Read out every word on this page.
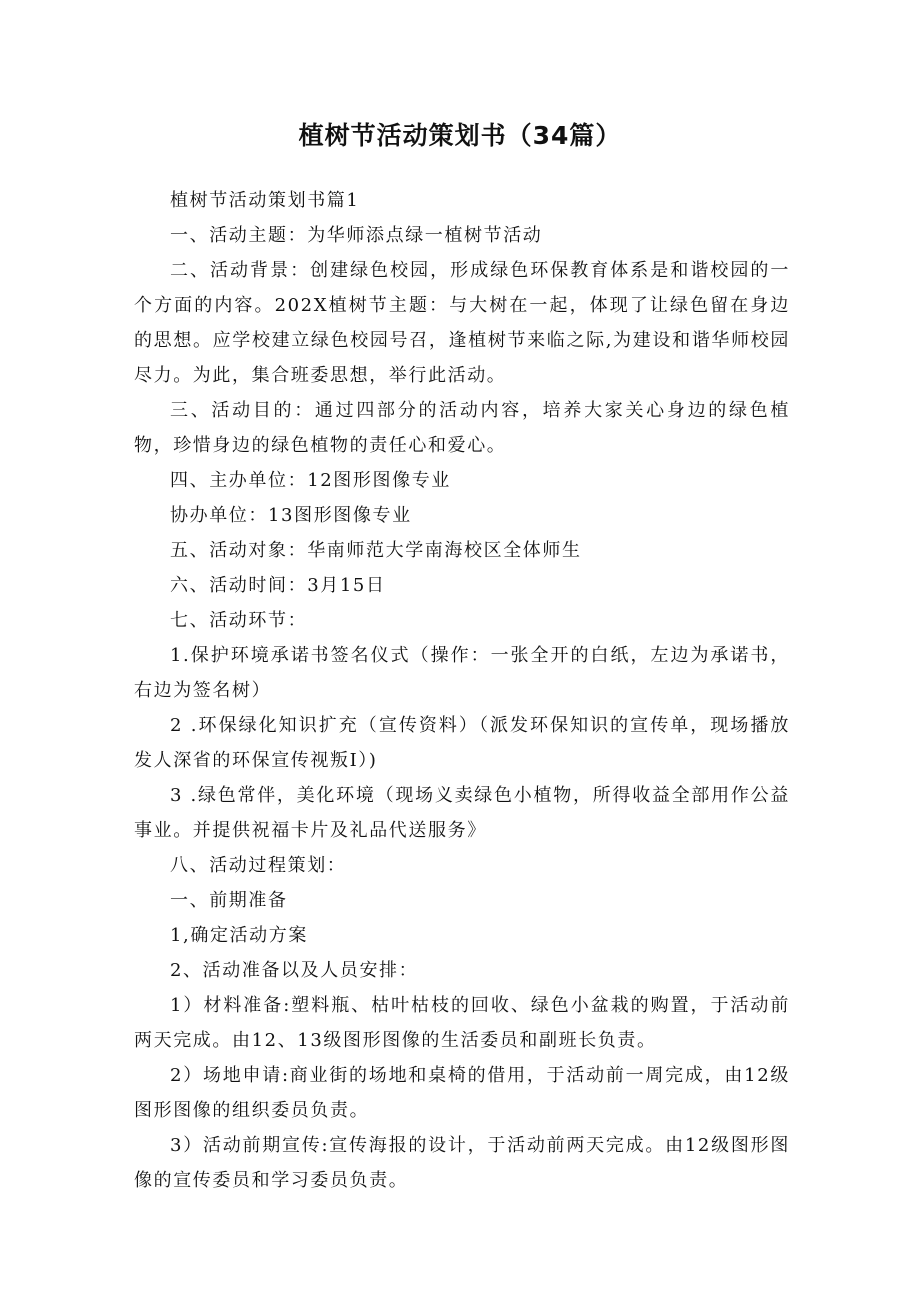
植树节活动策划书（34篇）

植树节活动策划书篇1

一、活动主题：为华师添点绿一植树节活动

二、活动背景：创建绿色校园，形成绿色环保教育体系是和谐校园的一个方面的内容。202X植树节主题：与大树在一起，体现了让绿色留在身边的思想。应学校建立绿色校园号召，逢植树节来临之际,为建设和谐华师校园尽力。为此，集合班委思想，举行此活动。

三、活动目的：通过四部分的活动内容，培养大家关心身边的绿色植物，珍惜身边的绿色植物的责任心和爱心。

四、主办单位：12图形图像专业

协办单位：13图形图像专业

五、活动对象：华南师范大学南海校区全体师生

六、活动时间：3月15日

七、活动环节：

1.保护环境承诺书签名仪式（操作：一张全开的白纸，左边为承诺书，右边为签名树）

2 .环保绿化知识扩充（宣传资料）（派发环保知识的宣传单，现场播放发人深省的环保宣传视叛I）)

3 .绿色常伴，美化环境（现场义卖绿色小植物，所得收益全部用作公益事业。并提供祝福卡片及礼品代送服务》

八、活动过程策划：

一、前期准备

1,确定活动方案

2、活动准备以及人员安排：

1）材料准备:塑料瓶、枯叶枯枝的回收、绿色小盆栽的购置，于活动前两天完成。由12、13级图形图像的生活委员和副班长负责。

2）场地申请:商业街的场地和桌椅的借用，于活动前一周完成，由12级图形图像的组织委员负责。

3）活动前期宣传:宣传海报的设计，于活动前两天完成。由12级图形图像的宣传委员和学习委员负责。
